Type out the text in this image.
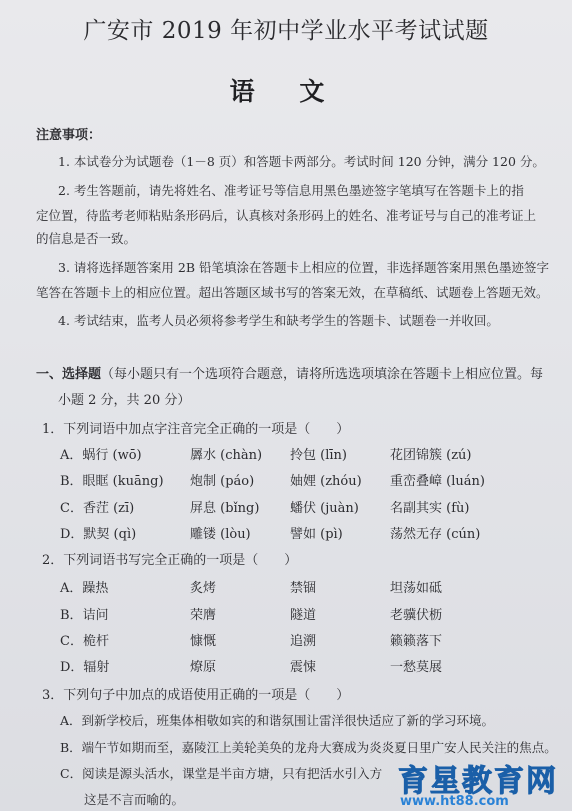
广安市 2019 年初中学业水平考试试题
语 文
注意事项：
1. 本试卷分为试题卷（1－8 页）和答题卡两部分。考试时间 120 分钟，满分 120 分。
2. 考生答题前，请先将姓名、准考证号等信息用黑色墨迹签字笔填写在答题卡上的指
定位置，待监考老师粘贴条形码后，认真核对条形码上的姓名、准考证号与自己的准考证上
的信息是否一致。
3. 请将选择题答案用 2B 铅笔填涂在答题卡上相应的位置，非选择题答案用黑色墨迹签字
笔答在答题卡上的相应位置。超出答题区域书写的答案无效，在草稿纸、试题卷上答题无效。
4. 考试结束，监考人员必须将参考学生和缺考学生的答题卡、试题卷一并收回。
一、选择题（每小题只有一个选项符合题意，请将所选选项填涂在答题卡上相应位置。每
小题 2 分，共 20 分）
1．下列词语中加点字注音完全正确的一项是（　　）
A．蜗行 (wō)	羼水 (chàn) 拎包 (līn)	花团锦簇 (zú)
B．眼眶 (kuāng) 炮制 (páo)	妯娌 (zhóu) 重峦叠嶂 (luán)
C．香茳 (zī)	屏息 (bǐng) 蟠伏 (juàn) 名副其实 (fù)
D．默契 (qì)	雕镂 (lòu)	譬如 (pì)	荡然无存 (cún)
2．下列词语书写完全正确的一项是（　　）
A．躁热	炙烤	禁锢	坦荡如砥
B．诘问	荣膺	隧道	老骥伏枥
C．桅杆	慷慨	追溯	籁籁落下
D．辐射	燎原	震悚	一愁莫展
3．下列句子中加点的成语使用正确的一项是（　　）
A．到新学校后，班集体相敬如宾的和谐氛围让雷洋很快适应了新的学习环境。
B．端午节如期而至，嘉陵江上美轮美奂的龙舟大赛成为炎炎夏日里广安人民关注的焦点。
C．阅读是源头活水，课堂是半亩方塘，只有把活水引入方
这是不言而喻的。
育星教育网
www.ht88.com
